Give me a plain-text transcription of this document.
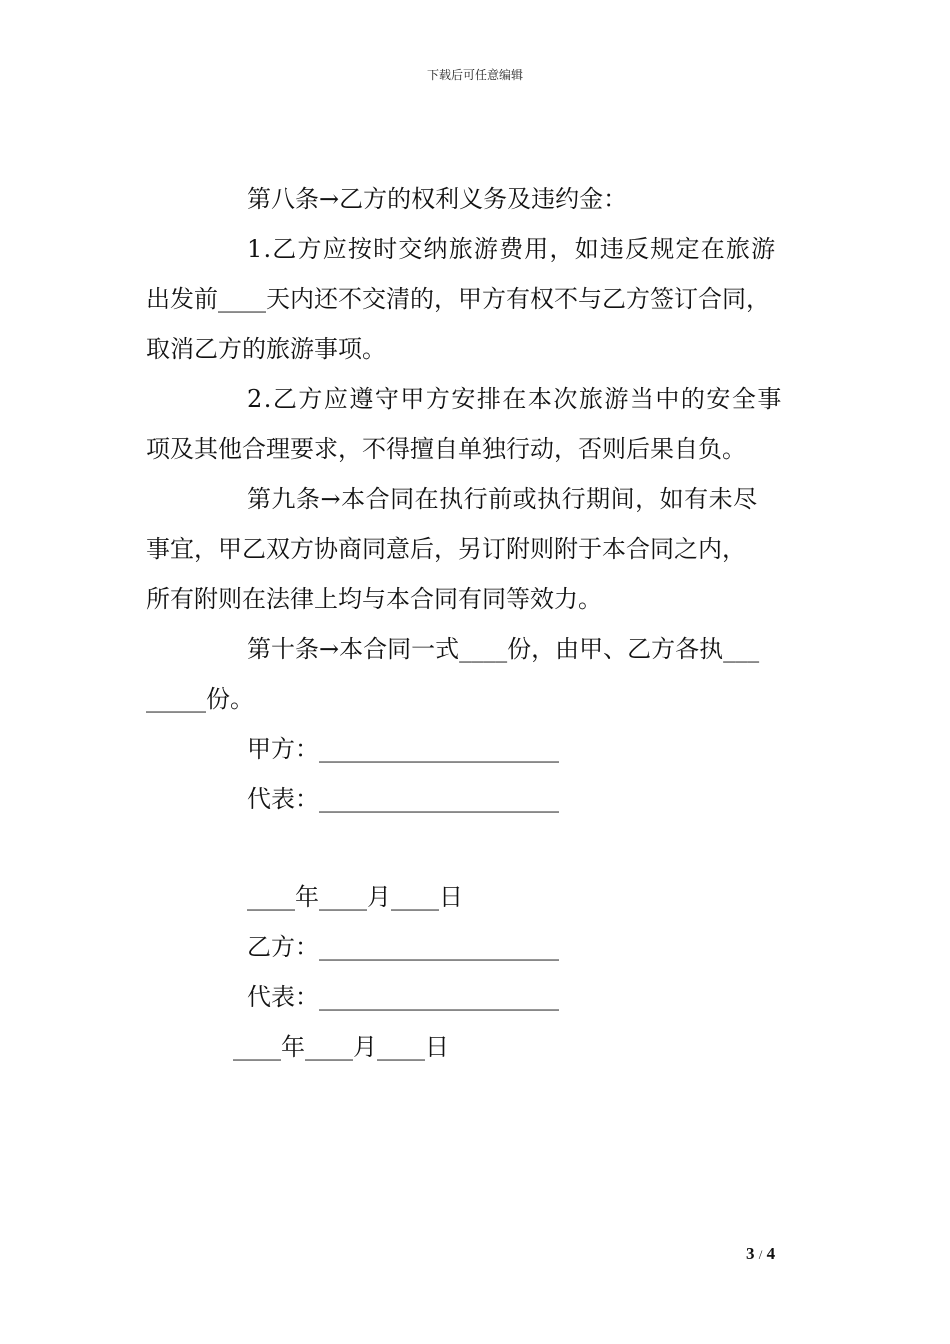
下载后可任意编辑
第八条→乙方的权利义务及违约金：
1.乙方应按时交纳旅游费用，如违反规定在旅游
出发前____天内还不交清的，甲方有权不与乙方签订合同，
取消乙方的旅游事项。
2.乙方应遵守甲方安排在本次旅游当中的安全事
项及其他合理要求，不得擅自单独行动，否则后果自负。
第九条→本合同在执行前或执行期间，如有未尽
事宜，甲乙双方协商同意后，另订附则附于本合同之内，
所有附则在法律上均与本合同有同等效力。
第十条→本合同一式____份，由甲、乙方各执___
_____份。
甲方：____________________
代表：____________________
____年____月____日
乙方：____________________
代表：____________________
____年____月____日
3 / 4
